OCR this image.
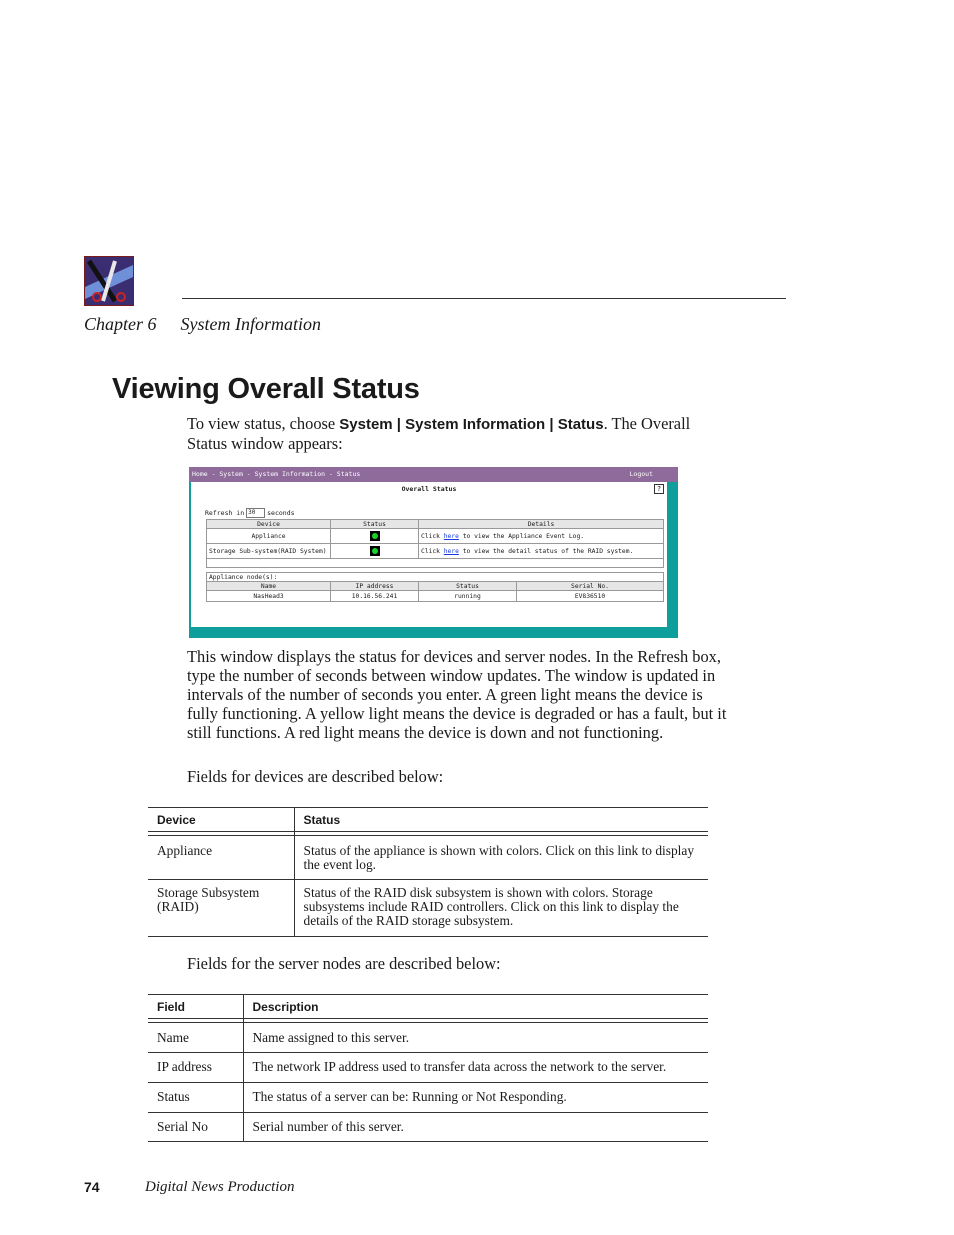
Chapter 6 System Information
Viewing Overall Status
To view status, choose System | System Information | Status. The Overall Status window appears:
Home - System - System Information - Status	Logout
Overall Status	?
Refresh in 30 seconds
Device	Status	Details
Appliance		Click here to view the Appliance Event Log.
Storage Sub-system(RAID System)		Click here to view the detail status of the RAID system.

Appliance node(s):			
Name	IP address	Status	Serial No.
NasHead3	10.16.56.241	running	EV836510
This window displays the status for devices and server nodes. In the Refresh box, type the number of seconds between window updates. The window is updated in intervals of the number of seconds you enter. A green light means the device is fully functioning. A yellow light means the device is degraded or has a fault, but it still functions. A red light means the device is down and not functioning.
Fields for devices are described below:
Device	Status
Appliance	Status of the appliance is shown with colors. Click on this link to display the event log.
Storage Subsystem (RAID)	Status of the RAID disk subsystem is shown with colors. Storage subsystems include RAID controllers. Click on this link to display the details of the RAID storage subsystem.
Fields for the server nodes are described below:
Field	Description
Name	Name assigned to this server.
IP address	The network IP address used to transfer data across the network to the server.
Status	The status of a server can be: Running or Not Responding.
Serial No	Serial number of this server.
74	Digital News Production
